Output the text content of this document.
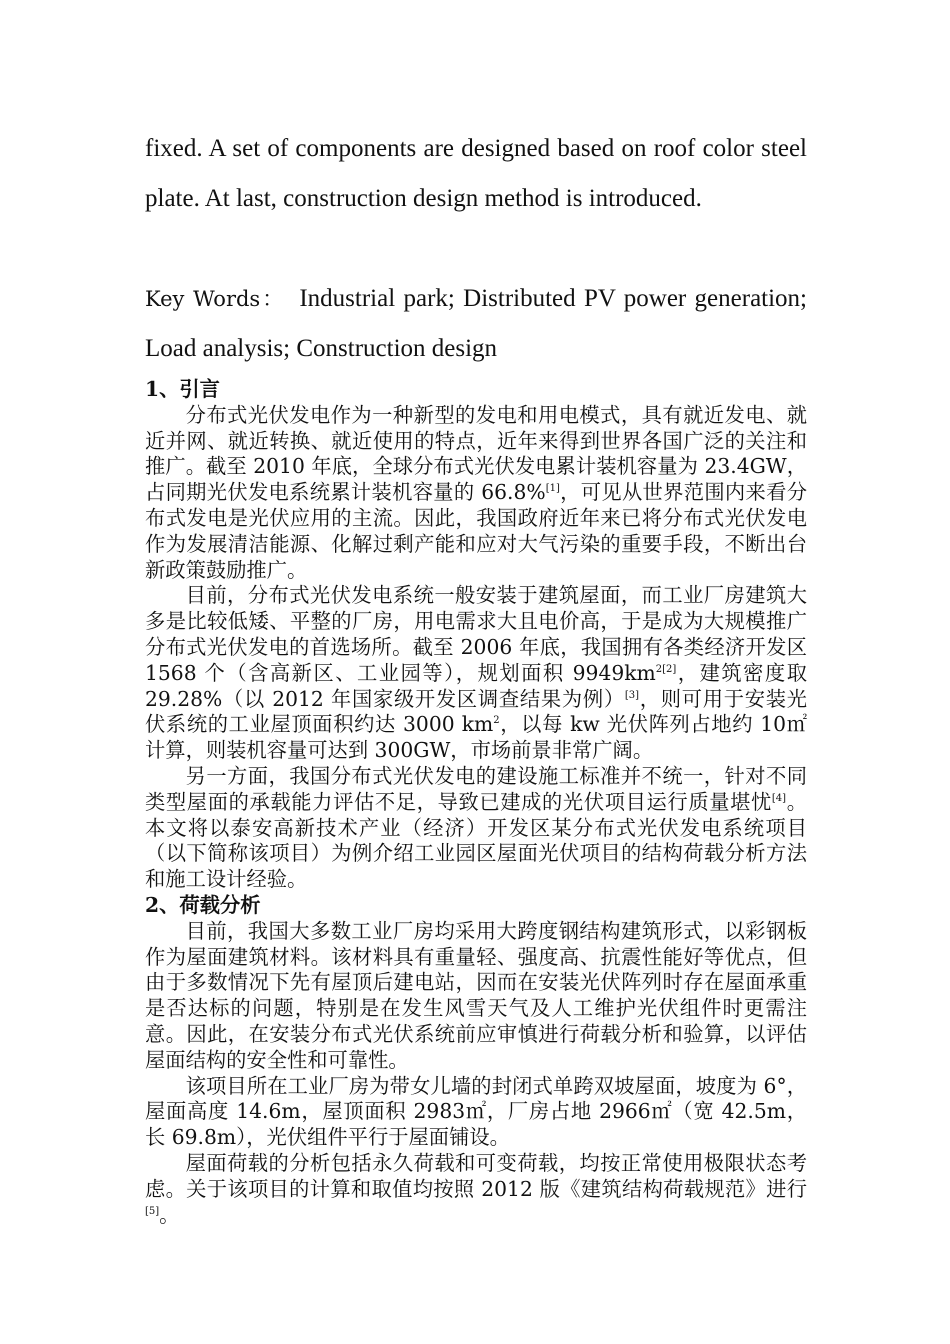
fixed. A set of components are designed based on roof color steel plate. At last, construction design method is introduced.

Key Words： Industrial park; Distributed PV power generation; Load analysis; Construction design

1、引言

分布式光伏发电作为一种新型的发电和用电模式，具有就近发电、就近并网、就近转换、就近使用的特点，近年来得到世界各国广泛的关注和推广。截至 2010 年底，全球分布式光伏发电累计装机容量为 23.4GW，占同期光伏发电系统累计装机容量的 66.8%[1]，可见从世界范围内来看分布式发电是光伏应用的主流。因此，我国政府近年来已将分布式光伏发电作为发展清洁能源、化解过剩产能和应对大气污染的重要手段，不断出台新政策鼓励推广。

目前，分布式光伏发电系统一般安装于建筑屋面，而工业厂房建筑大多是比较低矮、平整的厂房，用电需求大且电价高，于是成为大规模推广分布式光伏发电的首选场所。截至 2006 年底，我国拥有各类经济开发区 1568 个（含高新区、工业园等），规划面积 $9949km^{2[2]}$，建筑密度取 29.28%（以 2012 年国家级开发区调查结果为例）[3]，则可用于安装光伏系统的工业屋顶面积约达 3000 $km^2$，以每 kw 光伏阵列占地约 10㎡计算，则装机容量可达到 300GW，市场前景非常广阔。

另一方面，我国分布式光伏发电的建设施工标准并不统一，针对不同类型屋面的承载能力评估不足，导致已建成的光伏项目运行质量堪忧[4]。本文将以泰安高新技术产业（经济）开发区某分布式光伏发电系统项目（以下简称该项目）为例介绍工业园区屋面光伏项目的结构荷载分析方法和施工设计经验。

2、荷载分析

目前，我国大多数工业厂房均采用大跨度钢结构建筑形式，以彩钢板作为屋面建筑材料。该材料具有重量轻、强度高、抗震性能好等优点，但由于多数情况下先有屋顶后建电站，因而在安装光伏阵列时存在屋面承重是否达标的问题，特别是在发生风雪天气及人工维护光伏组件时更需注意。因此，在安装分布式光伏系统前应审慎进行荷载分析和验算，以评估屋面结构的安全性和可靠性。

该项目所在工业厂房为带女儿墙的封闭式单跨双坡屋面，坡度为 6°，屋面高度 14.6m，屋顶面积 2983㎡，厂房占地 2966㎡（宽 42.5m，长 69.8m），光伏组件平行于屋面铺设。

屋面荷载的分析包括永久荷载和可变荷载，均按正常使用极限状态考虑。关于该项目的计算和取值均按照 2012 版《建筑结构荷载规范》进行[5]。
